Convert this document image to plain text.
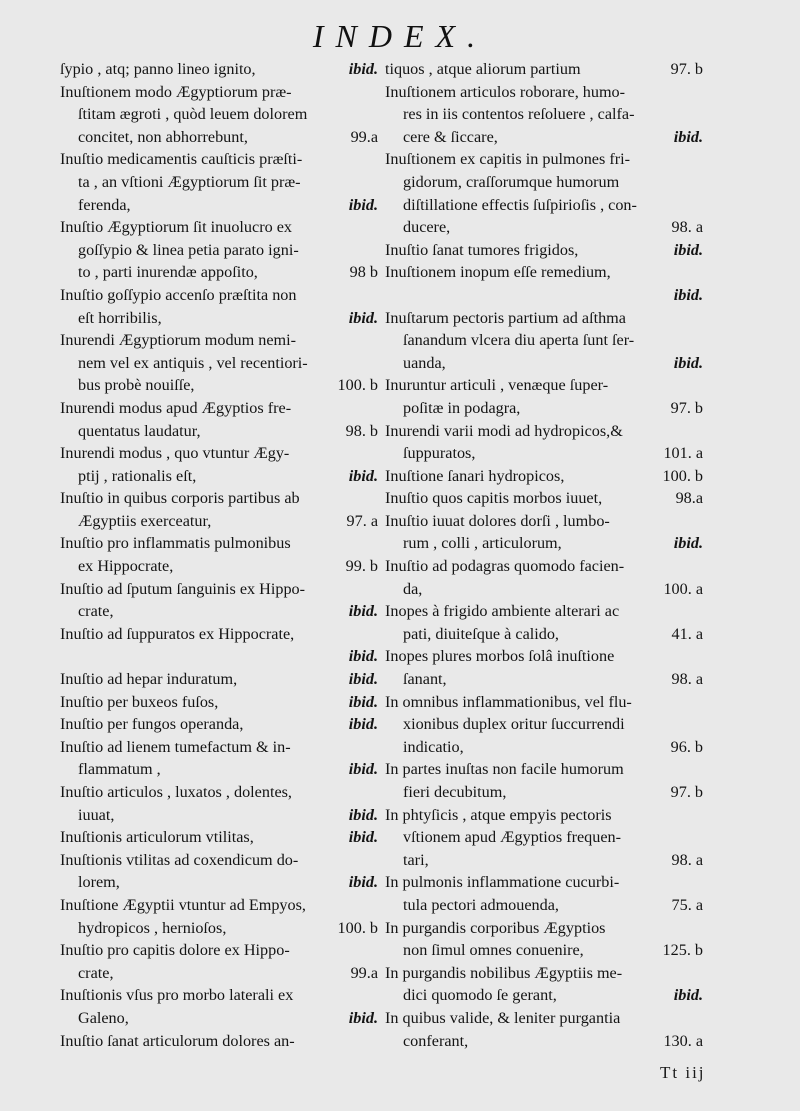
INDEX.
ibid.
ſypio , atq; panno lineo ignito,
Inuſtionem modo Ægyptiorum præ-
ſtitam ægroti , quòd leuem dolorem
99.a
concitet, non abhorrebunt,
Inuſtio medicamentis cauſticis præſti-
ta , an vſtioni Ægyptiorum ſit præ-
ibid.
ferenda,
Inuſtio Ægyptiorum ſit inuolucro ex
goſſypio & linea petia parato igni-
98 b
to , parti inurendæ appoſito,
Inuſtio goſſypio accenſo præſtita non
ibid.
eſt horribilis,
Inurendi Ægyptiorum modum nemi-
nem vel ex antiquis , vel recentiori-
100. b
bus probè nouiſſe,
Inurendi modus apud Ægyptios fre-
98. b
quentatus laudatur,
Inurendi modus , quo vtuntur Ægy-
ibid.
ptij , rationalis eſt,
Inuſtio in quibus corporis partibus ab
97. a
Ægyptiis exerceatur,
Inuſtio pro inflammatis pulmonibus
99. b
ex Hippocrate,
Inuſtio ad ſputum ſanguinis ex Hippo-
ibid.
crate,
Inuſtio ad ſuppuratos ex Hippocrate,
ibid.

ibid.
Inuſtio ad hepar induratum,
ibid.
Inuſtio per buxeos fuſos,
ibid.
Inuſtio per fungos operanda,
Inuſtio ad lienem tumefactum & in-
ibid.
flammatum ,
Inuſtio articulos , luxatos , dolentes,
ibid.
iuuat,
ibid.
Inuſtionis articulorum vtilitas,
Inuſtionis vtilitas ad coxendicum do-
ibid.
lorem,
Inuſtione Ægyptii vtuntur ad Empyos,
100. b
hydropicos , hernioſos,
Inuſtio pro capitis dolore ex Hippo-
99.a
crate,
Inuſtionis vſus pro morbo laterali ex
ibid.
Galeno,
Inuſtio ſanat articulorum dolores an-
97. b
tiquos , atque aliorum partium
Inuſtionem articulos roborare, humo-
res in iis contentos reſoluere , calfa-
ibid.
cere & ſiccare,
Inuſtionem ex capitis in pulmones fri-
gidorum, craſſorumque humorum
diſtillatione effectis ſuſpirioſis , con-
98. a
ducere,
ibid.
Inuſtio ſanat tumores frigidos,
Inuſtionem inopum eſſe remedium,
ibid.

Inuſtarum pectoris partium ad aſthma
ſanandum vlcera diu aperta ſunt ſer-
ibid.
uanda,
Inuruntur articuli , venæque ſuper-
97. b
poſitæ in podagra,
Inurendi varii modi ad hydropicos,&
101. a
ſuppuratos,
100. b
Inuſtione ſanari hydropicos,
98.a
Inuſtio quos capitis morbos iuuet,
Inuſtio iuuat dolores dorſi , lumbo-
ibid.
rum , colli , articulorum,
Inuſtio ad podagras quomodo facien-
100. a
da,
Inopes à frigido ambiente alterari ac
41. a
pati, diuiteſque à calido,
Inopes plures morbos ſolâ inuſtione
98. a
ſanant,
In omnibus inflammationibus, vel flu-
xionibus duplex oritur ſuccurrendi
96. b
indicatio,
In partes inuſtas non facile humorum
97. b
fieri decubitum,
In phtyſicis , atque empyis pectoris
vſtionem apud Ægyptios frequen-
98. a
tari,
In pulmonis inflammatione cucurbi-
75. a
tula pectori admouenda,
In purgandis corporibus Ægyptios
125. b
non ſimul omnes conuenire,
In purgandis nobilibus Ægyptiis me-
ibid.
dici quomodo ſe gerant,
In quibus valide, & leniter purgantia
130. a
conferant,
Tt iij
